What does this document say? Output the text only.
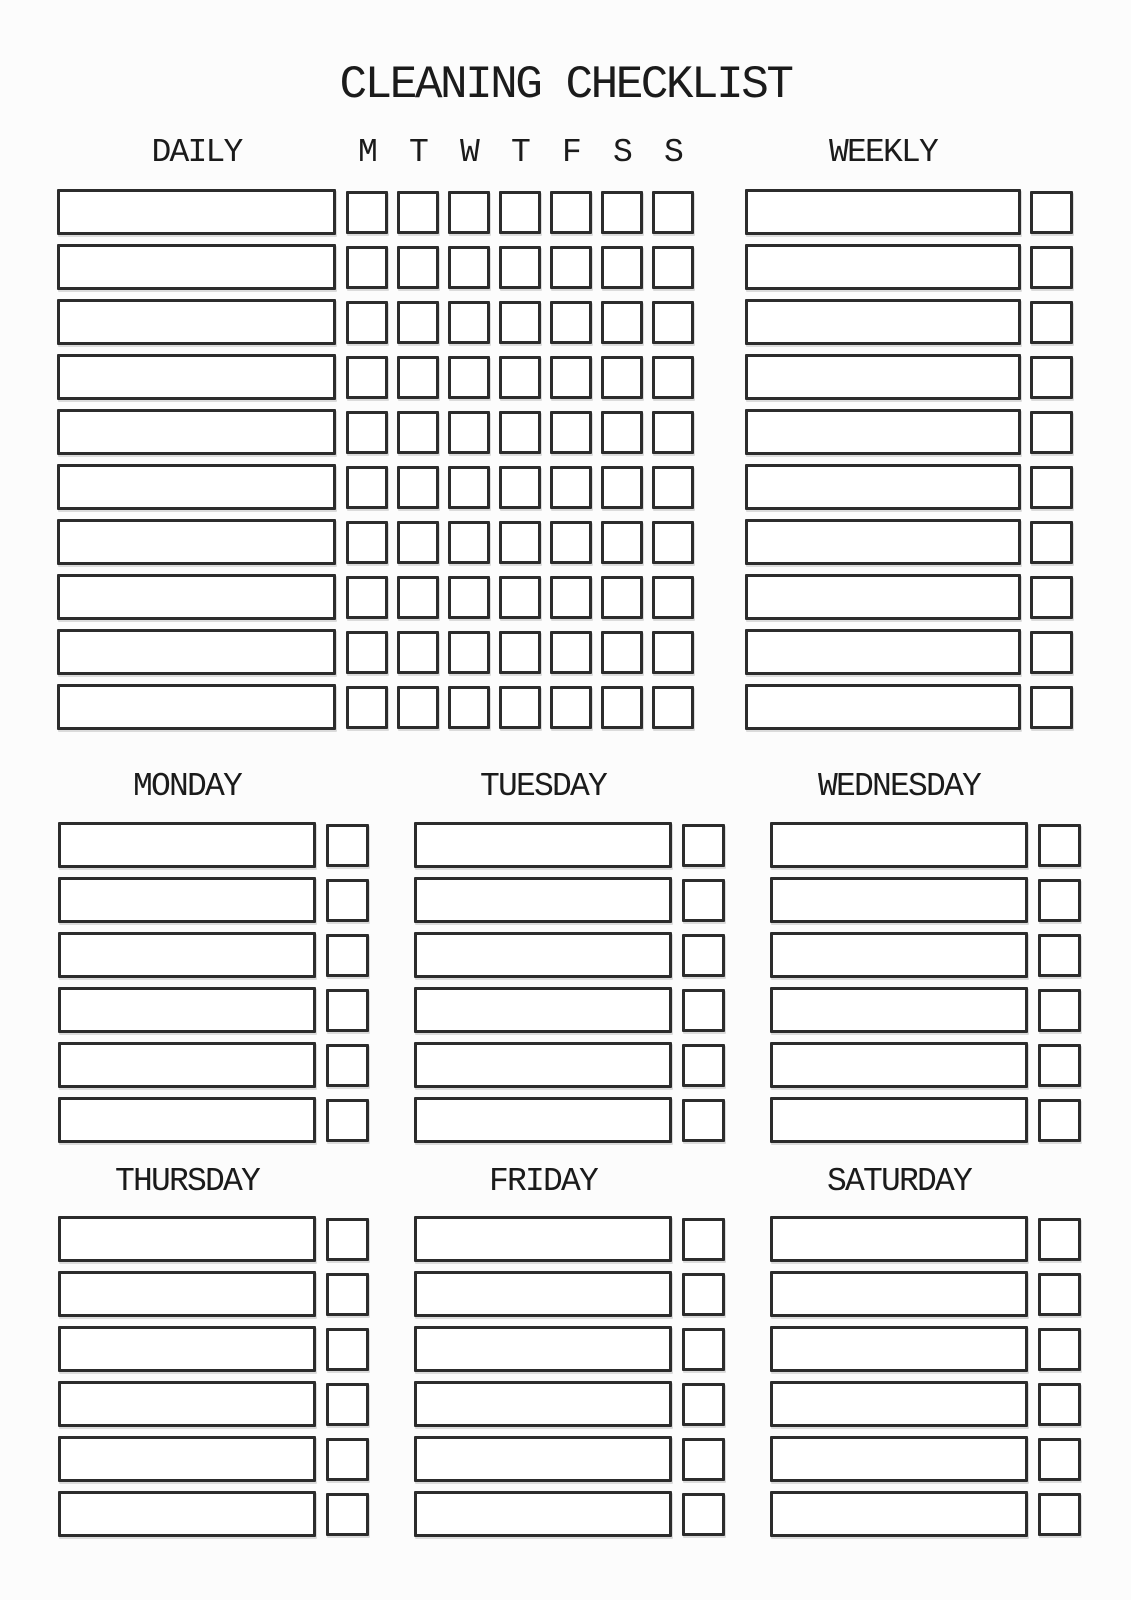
CLEANING CHECKLIST
DAILY	M T W T F S S	WEEKLY
MONDAY	TUESDAY	WEDNESDAY
THURSDAY	FRIDAY	SATURDAY
